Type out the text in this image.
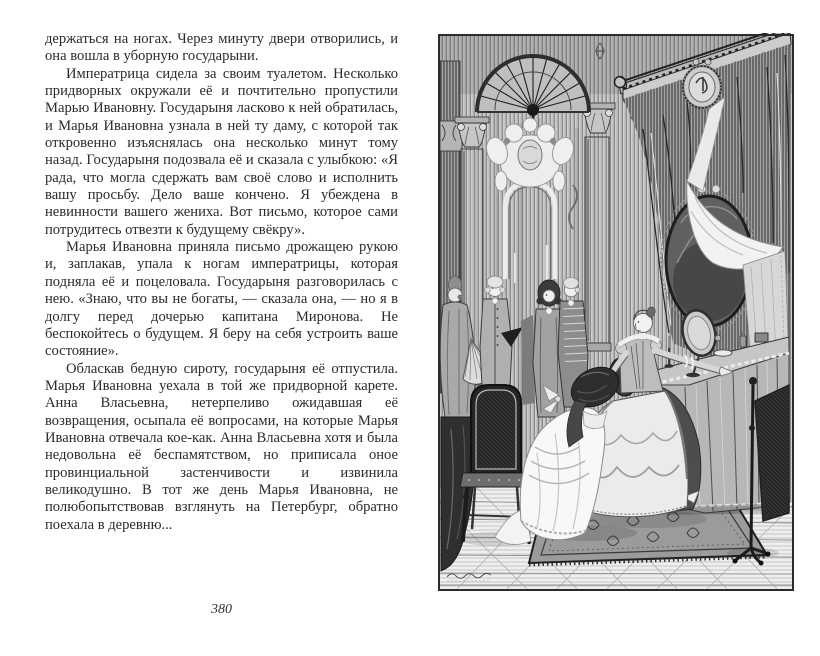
держаться на ногах. Через минуту двери отворились, и она вошла в уборную государыни.

Императрица сидела за своим туалетом. Несколько придворных окружали её и почтительно пропустили Марью Ивановну. Государыня ласково к ней обратилась, и Марья Ивановна узнала в ней ту даму, с которой так откровенно изъяснялась она несколько минут тому назад. Государыня подозвала её и сказала с улыбкою: «Я рада, что могла сдержать вам своё слово и исполнить вашу просьбу. Дело ваше кончено. Я убеждена в невинности вашего жениха. Вот письмо, которое сами потрудитесь отвезти к будущему свёкру».

Марья Ивановна приняла письмо дрожащею рукою и, заплакав, упала к ногам императрицы, которая подняла её и поцеловала. Государыня разговорилась с нею. «Знаю, что вы не богаты, — сказала она, — но я в долгу перед дочерью капитана Миронова. Не беспокойтесь о будущем. Я беру на себя устроить ваше состояние».

Обласкав бедную сироту, государыня её отпустила. Марья Ивановна уехала в той же придворной карете. Анна Власьевна, нетерпеливо ожидавшая её возвращения, осыпала её вопросами, на которые Марья Ивановна отвечала кое-как. Анна Власьевна хотя и была недовольна её беспамятством, но приписала оное провинциальной застенчивости и извинила великодушно. В тот же день Марья Ивановна, не полюбопытствовав взглянуть на Петербург, обратно поехала в деревню...

380
